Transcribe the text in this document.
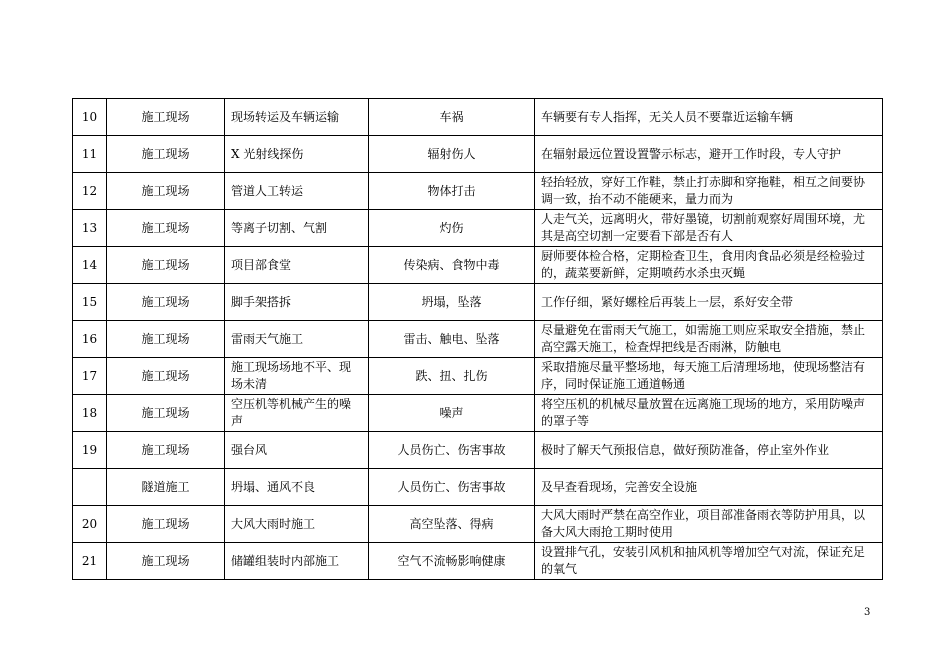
10	施工现场	现场转运及车辆运输	车祸	车辆要有专人指挥，无关人员不要靠近运输车辆
11	施工现场	X 光射线探伤	辐射伤人	在辐射最远位置设置警示标志，避开工作时段，专人守护
12	施工现场	管道人工转运	物体打击	轻抬轻放，穿好工作鞋，禁止打赤脚和穿拖鞋，相互之间要协调一致，抬不动不能硬来，量力而为
13	施工现场	等离子切割、气割	灼伤	人走气关，远离明火，带好墨镜，切割前观察好周围环境，尤其是高空切割一定要看下部是否有人
14	施工现场	项目部食堂	传染病、食物中毒	厨师要体检合格，定期检查卫生，食用肉食品必须是经检验过的，蔬菜要新鲜，定期喷药水杀虫灭蝇
15	施工现场	脚手架搭拆	坍塌，坠落	工作仔细，紧好螺栓后再装上一层，系好安全带
16	施工现场	雷雨天气施工	雷击、触电、坠落	尽量避免在雷雨天气施工，如需施工则应采取安全措施，禁止高空露天施工，检查焊把线是否雨淋，防触电
17	施工现场	施工现场场地不平、现场未清	跌、扭、扎伤	采取措施尽量平整场地，每天施工后清理场地，使现场整洁有序，同时保证施工通道畅通
18	施工现场	空压机等机械产生的噪声	噪声	将空压机的机械尽量放置在远离施工现场的地方，采用防噪声的罩子等
19	施工现场	强台风	人员伤亡、伤害事故	极时了解天气预报信息，做好预防准备，停止室外作业
	隧道施工	坍塌、通风不良	人员伤亡、伤害事故	及早查看现场，完善安全设施
20	施工现场	大风大雨时施工	高空坠落、得病	大风大雨时严禁在高空作业，项目部准备雨衣等防护用具，以备大风大雨抢工期时使用
21	施工现场	储罐组装时内部施工	空气不流畅影响健康	设置排气孔，安装引风机和抽风机等增加空气对流，保证充足的氧气
3
